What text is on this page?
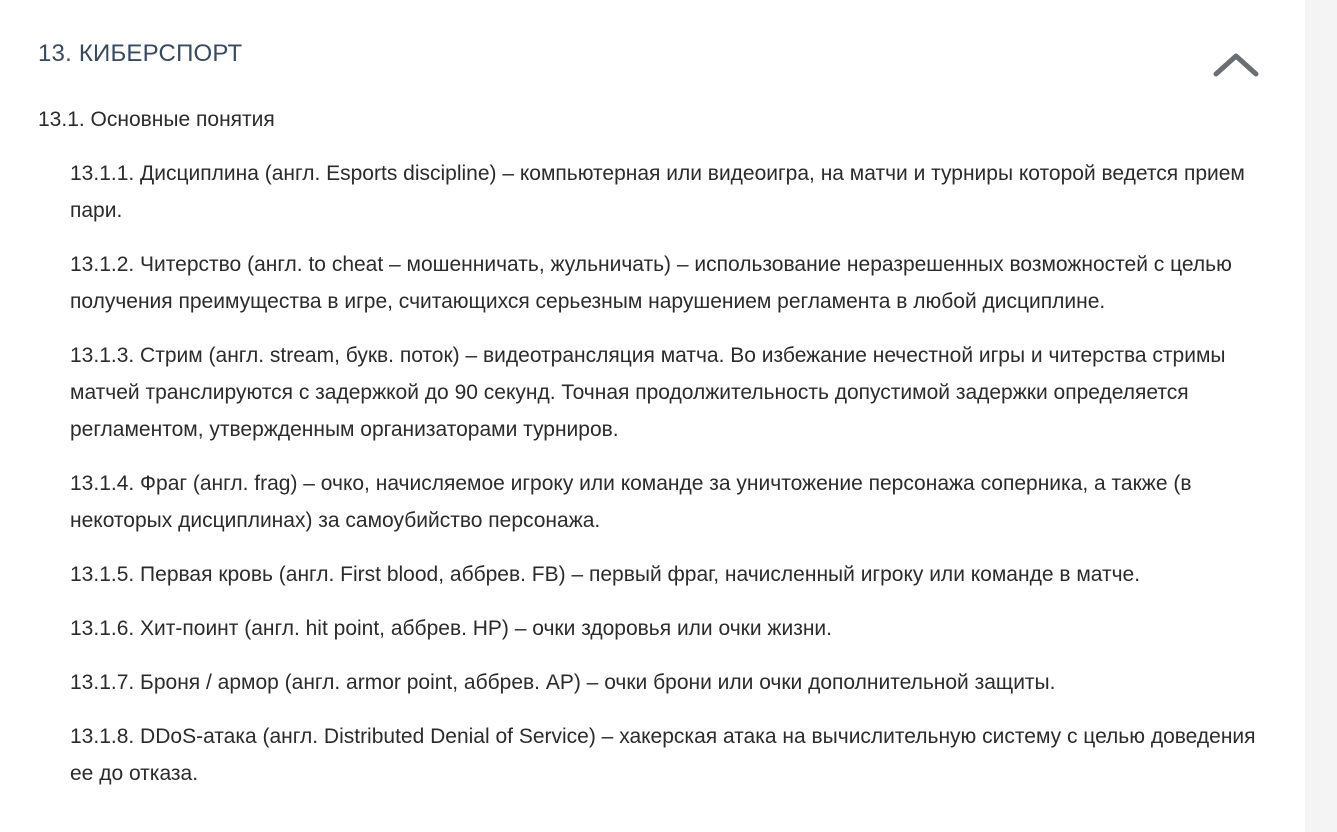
13. КИБЕРСПОРТ
13.1. Основные понятия
13.1.1. Дисциплина (англ. Esports discipline) – компьютерная или видеоигра, на матчи и турниры которой ведется прием пари.
13.1.2. Читерство (англ. to cheat – мошенничать, жульничать) – использование неразрешенных возможностей с целью получения преимущества в игре, считающихся серьезным нарушением регламента в любой дисциплине.
13.1.3. Стрим (англ. stream, букв. поток) – видеотрансляция матча. Во избежание нечестной игры и читерства стримы матчей транслируются с задержкой до 90 секунд. Точная продолжительность допустимой задержки определяется регламентом, утвержденным организаторами турниров.
13.1.4. Фраг (англ. frag) – очко, начисляемое игроку или команде за уничтожение персонажа соперника, а также (в некоторых дисциплинах) за самоубийство персонажа.
13.1.5. Первая кровь (англ. First blood, аббрев. FB) – первый фраг, начисленный игроку или команде в матче.
13.1.6. Хит-поинт (англ. hit point, аббрев. HP) – очки здоровья или очки жизни.
13.1.7. Броня / армор (англ. armor point, аббрев. AP) – очки брони или очки дополнительной защиты.
13.1.8. DDoS-атака (англ. Distributed Denial of Service) – хакерская атака на вычислительную систему с целью доведения ее до отказа.
